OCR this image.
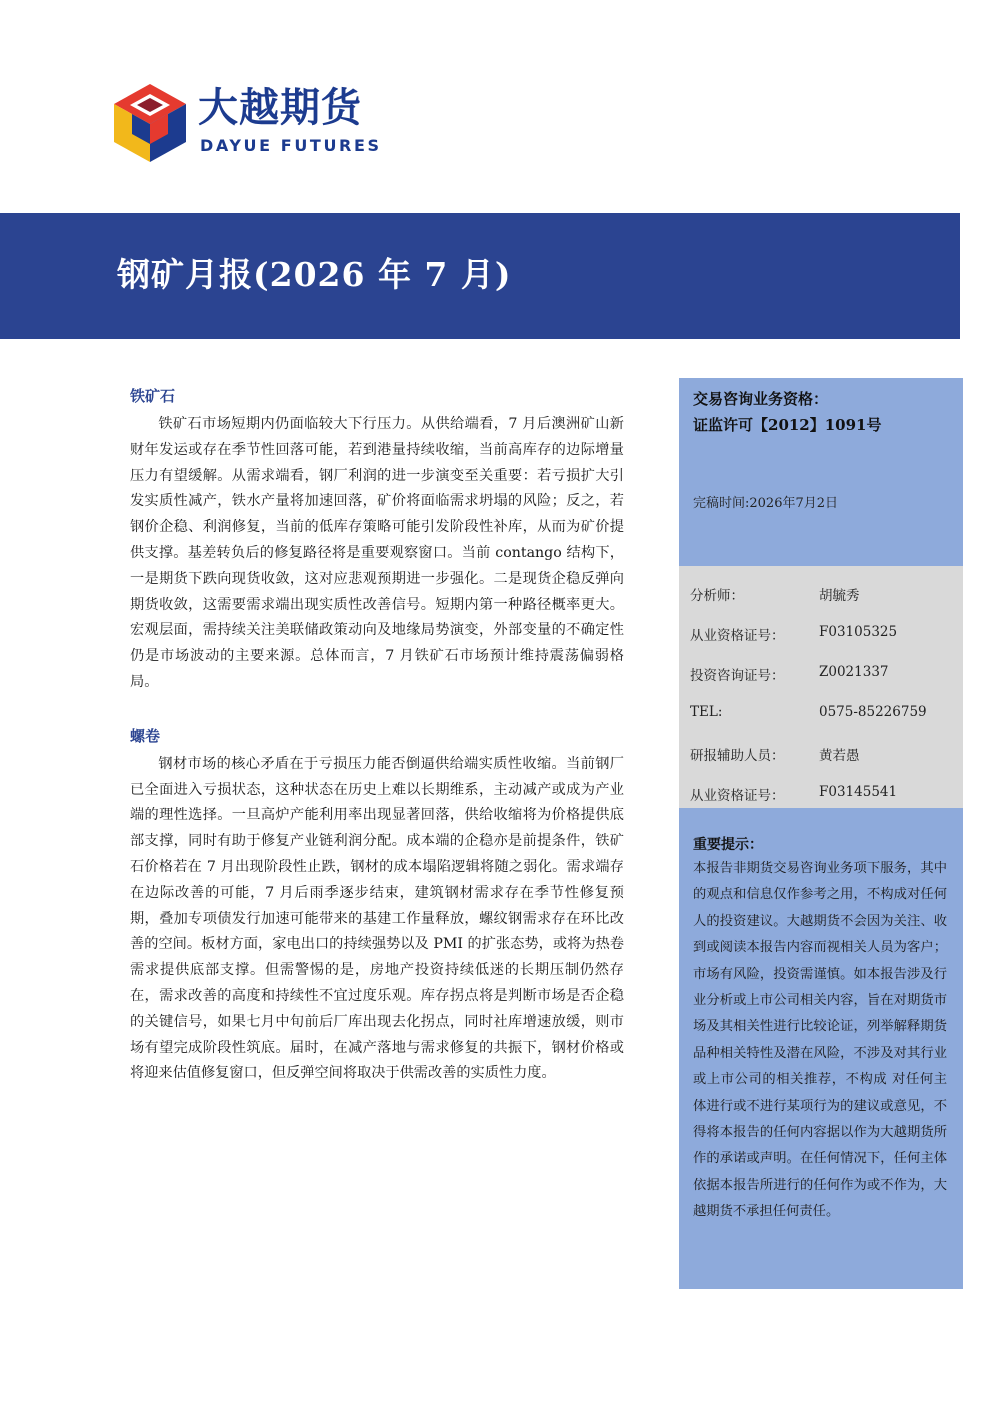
大越期货
DAYUE FUTURES
钢矿月报(2026 年 7 月)
铁矿石
铁矿石市场短期内仍面临较大下行压力。从供给端看，7 月后澳洲矿山新财年发运或存在季节性回落可能，若到港量持续收缩，当前高库存的边际增量压力有望缓解。从需求端看，钢厂利润的进一步演变至关重要：若亏损扩大引发实质性减产，铁水产量将加速回落，矿价将面临需求坍塌的风险；反之，若钢价企稳、利润修复，当前的低库存策略可能引发阶段性补库，从而为矿价提供支撑。基差转负后的修复路径将是重要观察窗口。当前 contango 结构下，一是期货下跌向现货收敛，这对应悲观预期进一步强化。二是现货企稳反弹向期货收敛，这需要需求端出现实质性改善信号。短期内第一种路径概率更大。宏观层面，需持续关注美联储政策动向及地缘局势演变，外部变量的不确定性仍是市场波动的主要来源。总体而言，7 月铁矿石市场预计维持震荡偏弱格局。
螺卷
钢材市场的核心矛盾在于亏损压力能否倒逼供给端实质性收缩。当前钢厂已全面进入亏损状态，这种状态在历史上难以长期维系，主动减产或成为产业端的理性选择。一旦高炉产能利用率出现显著回落，供给收缩将为价格提供底部支撑，同时有助于修复产业链利润分配。成本端的企稳亦是前提条件，铁矿石价格若在 7 月出现阶段性止跌，钢材的成本塌陷逻辑将随之弱化。需求端存在边际改善的可能，7 月后雨季逐步结束，建筑钢材需求存在季节性修复预期，叠加专项债发行加速可能带来的基建工作量释放，螺纹钢需求存在环比改善的空间。板材方面，家电出口的持续强势以及 PMI 的扩张态势，或将为热卷需求提供底部支撑。但需警惕的是，房地产投资持续低迷的长期压制仍然存在，需求改善的高度和持续性不宜过度乐观。库存拐点将是判断市场是否企稳的关键信号，如果七月中旬前后厂库出现去化拐点，同时社库增速放缓，则市场有望完成阶段性筑底。届时，在减产落地与需求修复的共振下，钢材价格或将迎来估值修复窗口，但反弹空间将取决于供需改善的实质性力度。
交易咨询业务资格：
证监许可【2012】1091号
完稿时间:2026年7月2日
分析师：	胡毓秀
从业资格证号：	F03105325
投资咨询证号：	Z0021337
TEL:	0575-85226759
研报辅助人员：	黄若愚
从业资格证号：	F03145541
重要提示：
本报告非期货交易咨询业务项下服务，其中的观点和信息仅作参考之用，不构成对任何人的投资建议。大越期货不会因为关注、收到或阅读本报告内容而视相关人员为客户；市场有风险，投资需谨慎。如本报告涉及行业分析或上市公司相关内容，旨在对期货市场及其相关性进行比较论证，列举解释期货品种相关特性及潜在风险，不涉及对其行业或上市公司的相关推荐，不构成 对任何主体进行或不进行某项行为的建议或意见，不得将本报告的任何内容据以作为大越期货所作的承诺或声明。在任何情况下，任何主体依据本报告所进行的任何作为或不作为，大越期货不承担任何责任。
